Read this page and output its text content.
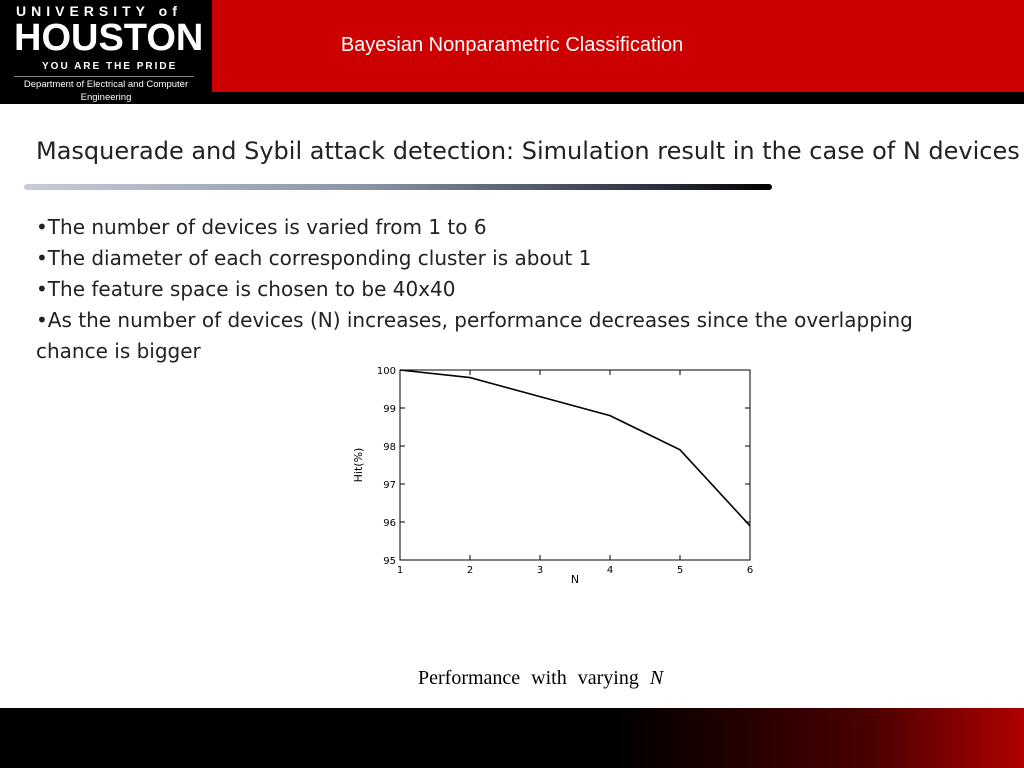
Bayesian Nonparametric Classification
UNIVERSITY of
HOUSTON
YOU ARE THE PRIDE
Department of Electrical and Computer Engineering
Masquerade and Sybil attack detection: Simulation result in the case of N devices
• The number of devices is varied from 1 to 6
• The diameter of each corresponding cluster is about 1
• The feature space is chosen to be 40x40
• As the number of devices (N) increases, performance decreases since the overlapping chance is bigger
1	2	3	4	5	6
95
96
97
98
99
100
Hit(%)
N
Performance with varying N
